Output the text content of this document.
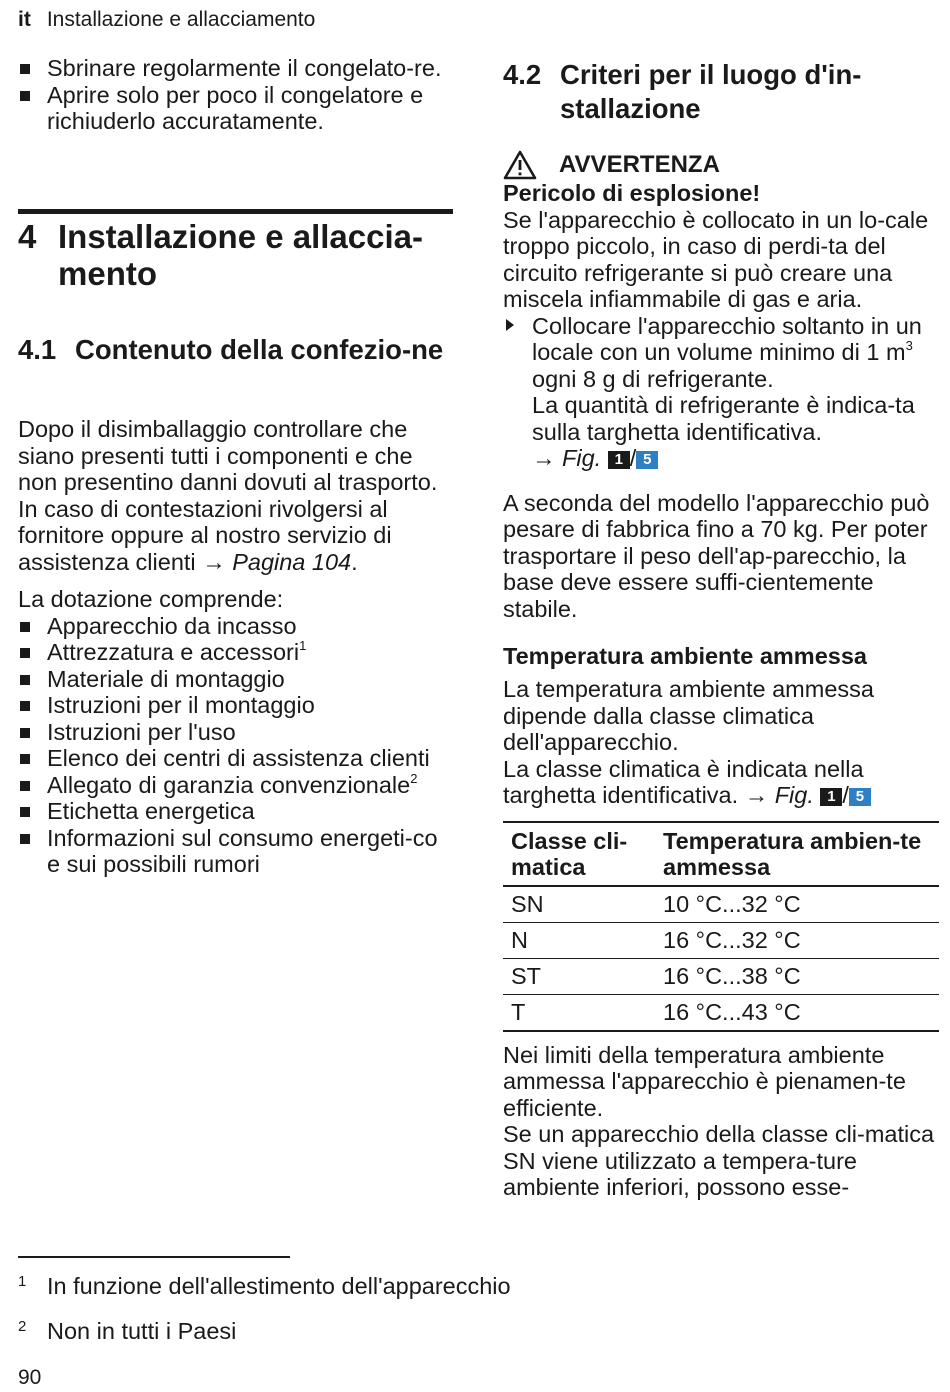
it Installazione e allacciamento
Sbrinare regolarmente il congelato-re.
Aprire solo per poco il congelatore e richiuderlo accuratamente.
4 Installazione e allaccia-mento
4.1 Contenuto della confezio-ne

Dopo il disimballaggio controllare che siano presenti tutti i componenti e che non presentino danni dovuti al trasporto.

In caso di contestazioni rivolgersi al fornitore oppure al nostro servizio di assistenza clienti → Pagina 104.

La dotazione comprende:

Apparecchio da incasso
Attrezzatura e accessori$^1$
Materiale di montaggio
Istruzioni per il montaggio
Istruzioni per l'uso
Elenco dei centri di assistenza clienti
Allegato di garanzia convenzionale$^2$
Etichetta energetica
Informazioni sul consumo energeti-co e sui possibili rumori
4.2 Criteri per il luogo d'in-stallazione
AVVERTENZA

Pericolo di esplosione!

Se l'apparecchio è collocato in un lo-cale troppo piccolo, in caso di perdi-ta del circuito refrigerante si può creare una miscela infiammabile di gas e aria.

Collocare l'apparecchio soltanto in un locale con un volume minimo di 1 $m^3$ ogni 8 g di refrigerante.

La quantità di refrigerante è indica-ta sulla targhetta identificativa.

→ Fig. 1 / 5

A seconda del modello l'apparecchio può pesare di fabbrica fino a 70 kg. Per poter trasportare il peso dell'ap-parecchio, la base deve essere suffi-cientemente stabile.

Temperatura ambiente ammessa

La temperatura ambiente ammessa dipende dalla classe climatica dell'apparecchio.

La classe climatica è indicata nella targhetta identificativa. → Fig. 1 / 5

Classe cli-matica	Temperatura ambien-te ammessa
SN	10 °C...32 °C
N	16 °C...32 °C
ST	16 °C...38 °C
T	16 °C...43 °C

Nei limiti della temperatura ambiente ammessa l'apparecchio è pienamen-te efficiente.

Se un apparecchio della classe cli-matica SN viene utilizzato a tempera-ture ambiente inferiori, possono esse-

1 In funzione dell'allestimento dell'apparecchio
2 Non in tutti i Paesi
90
